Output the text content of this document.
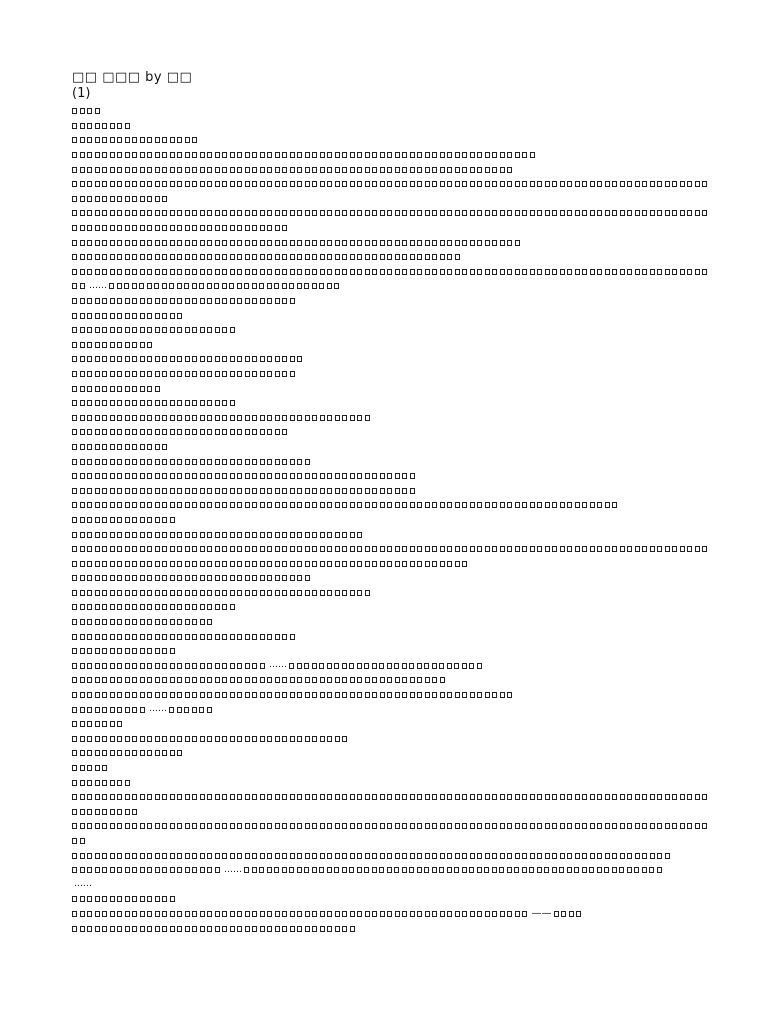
□□ □□□ by □□
(1)
……
……
……
……
……
——
